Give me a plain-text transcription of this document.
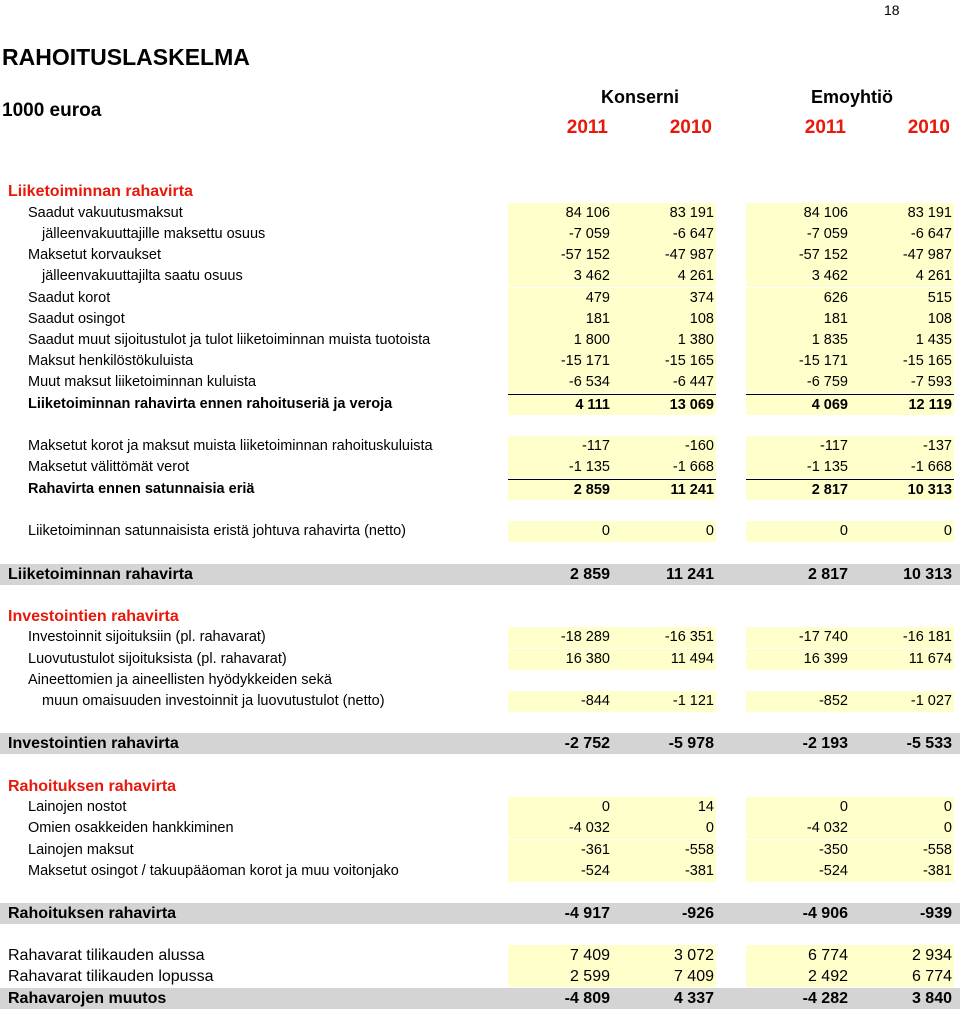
18
RAHOITUSLASKELMA
1000 euroa
Konserni	Emoyhtiö
2011	2010	2011	2010
Liiketoiminnan rahavirta
Saadut vakuutusmaksut	84 106	83 191	84 106	83 191
jälleenvakuuttajille maksettu osuus	-7 059	-6 647	-7 059	-6 647
Maksetut korvaukset	-57 152	-47 987	-57 152	-47 987
jälleenvakuuttajilta saatu osuus	3 462	4 261	3 462	4 261
Saadut korot	479	374	626	515
Saadut osingot	181	108	181	108
Saadut muut sijoitustulot ja tulot liiketoiminnan muista tuotoista	1 800	1 380	1 835	1 435
Maksut henkilöstökuluista	-15 171	-15 165	-15 171	-15 165
Muut maksut liiketoiminnan kuluista	-6 534	-6 447	-6 759	-7 593
Liiketoiminnan rahavirta ennen rahoituseriä ja veroja	4 111	13 069	4 069	12 119
Maksetut korot ja maksut muista liiketoiminnan rahoituskuluista	-117	-160	-117	-137
Maksetut välittömät verot	-1 135	-1 668	-1 135	-1 668
Rahavirta ennen satunnaisia eriä	2 859	11 241	2 817	10 313
Liiketoiminnan satunnaisista eristä johtuva rahavirta (netto)	0	0	0	0
Liiketoiminnan rahavirta	2 859	11 241	2 817	10 313
Investointien rahavirta
Investoinnit sijoituksiin (pl. rahavarat)	-18 289	-16 351	-17 740	-16 181
Luovutustulot sijoituksista (pl. rahavarat)	16 380	11 494	16 399	11 674
Aineettomien ja aineellisten hyödykkeiden sekä
muun omaisuuden investoinnit ja luovutustulot (netto)	-844	-1 121	-852	-1 027
Investointien rahavirta	-2 752	-5 978	-2 193	-5 533
Rahoituksen rahavirta
Lainojen nostot	0	14	0	0
Omien osakkeiden hankkiminen	-4 032	0	-4 032	0
Lainojen maksut	-361	-558	-350	-558
Maksetut osingot / takuupääoman korot ja muu voitonjako	-524	-381	-524	-381
Rahoituksen rahavirta	-4 917	-926	-4 906	-939
Rahavarat tilikauden alussa	7 409	3 072	6 774	2 934
Rahavarat tilikauden lopussa	2 599	7 409	2 492	6 774
Rahavarojen muutos	-4 809	4 337	-4 282	3 840
